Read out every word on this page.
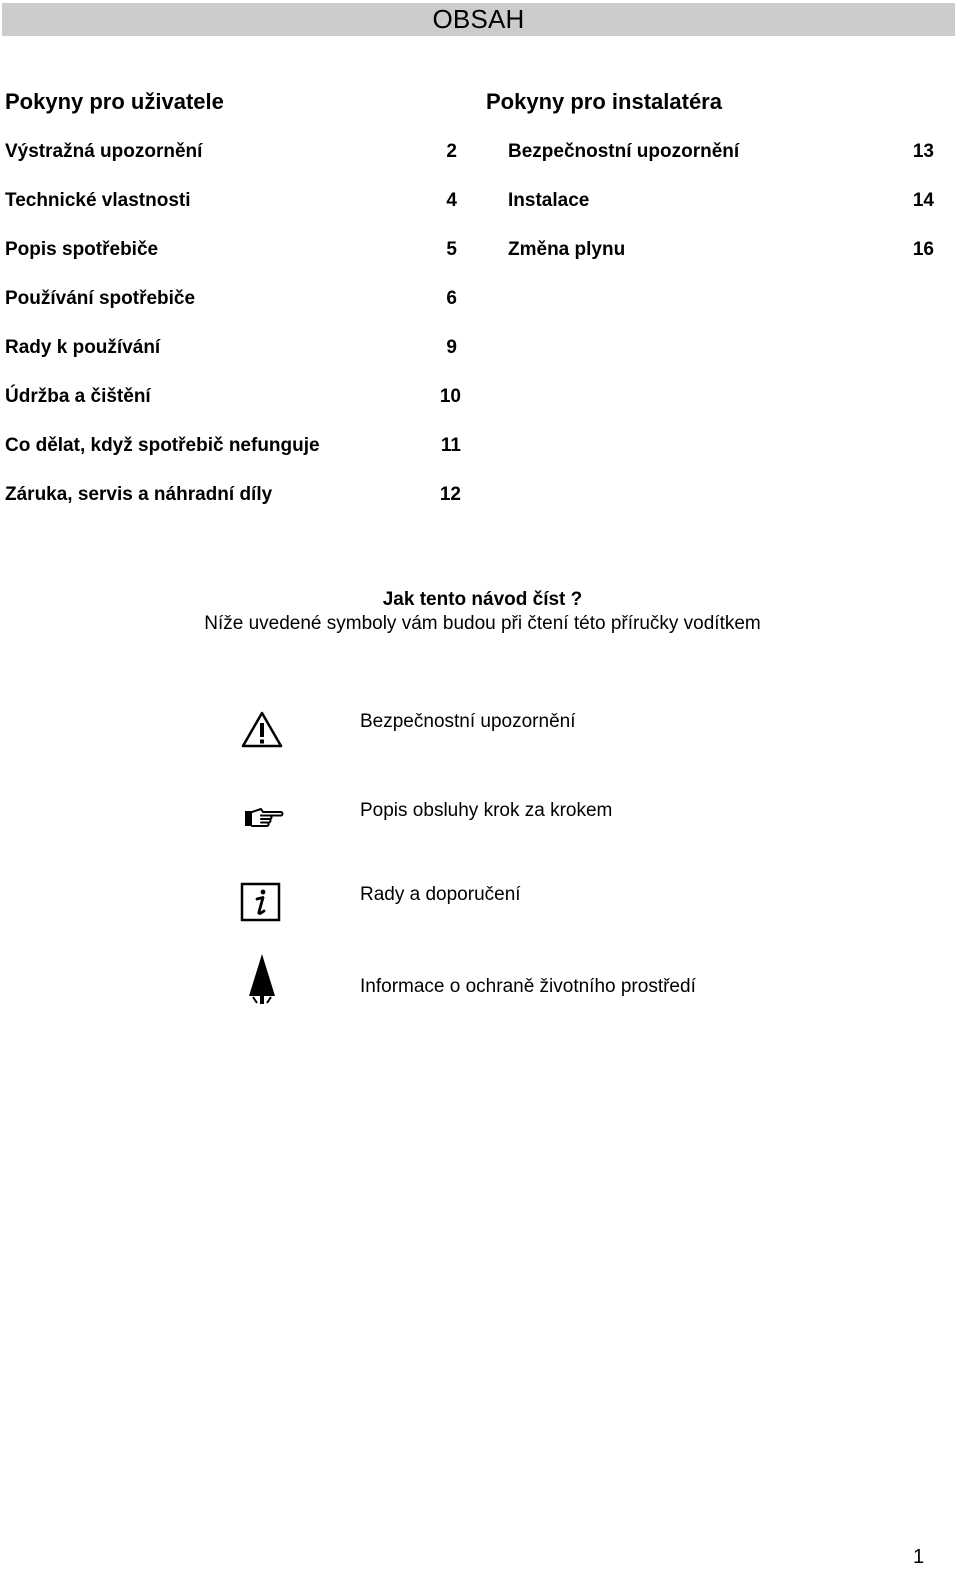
OBSAH
Pokyny pro uživatele	Pokyny pro instalatéra
Výstražná upozornění	2
Technické vlastnosti	4
Popis spotřebiče	5
Používání spotřebiče	6
Rady k používání	9
Údržba a čištění	10
Co dělat, když spotřebič nefunguje	11
Záruka, servis a náhradní díly	12
Bezpečnostní upozornění	13
Instalace	14
Změna plynu	16
Jak tento návod číst ?
Níže uvedené symboly vám budou při čtení této příručky vodítkem
Bezpečnostní upozornění
Popis obsluhy krok za krokem
Rady a doporučení
Informace o ochraně životního prostředí
1
